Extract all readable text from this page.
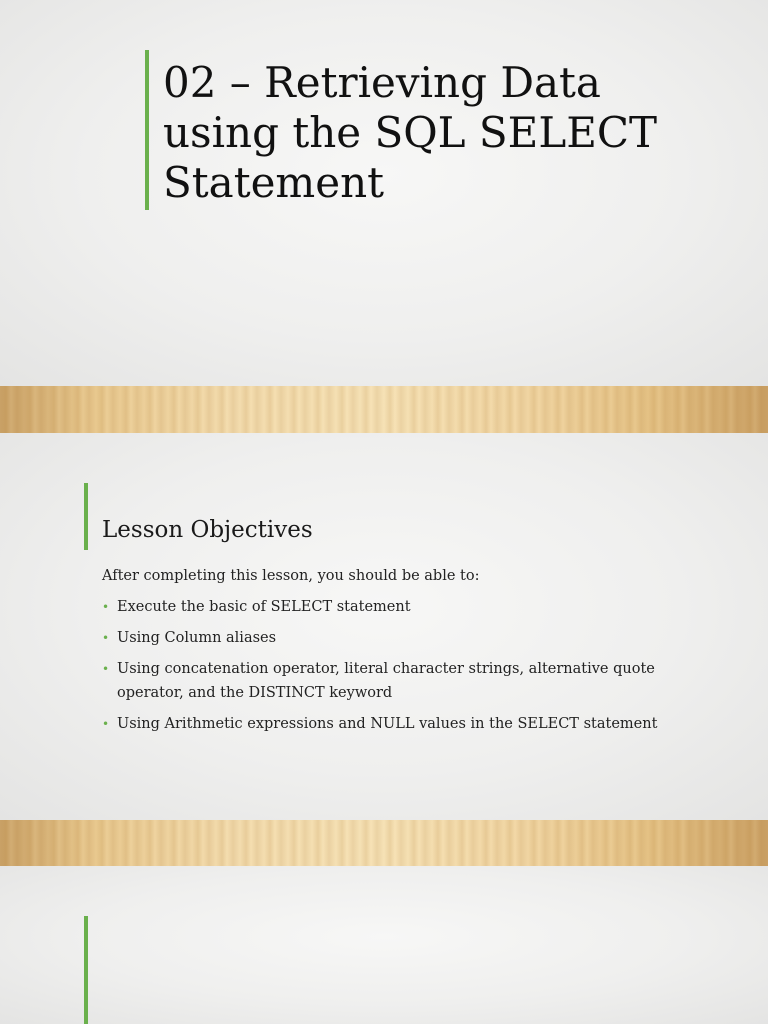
02 – Retrieving Data using the SQL SELECT Statement
Lesson Objectives

After completing this lesson, you should be able to:

• Execute the basic of SELECT statement
• Using Column aliases
• Using concatenation operator, literal character strings, alternative quote operator, and the DISTINCT keyword
• Using Arithmetic expressions and NULL values in the SELECT statement
